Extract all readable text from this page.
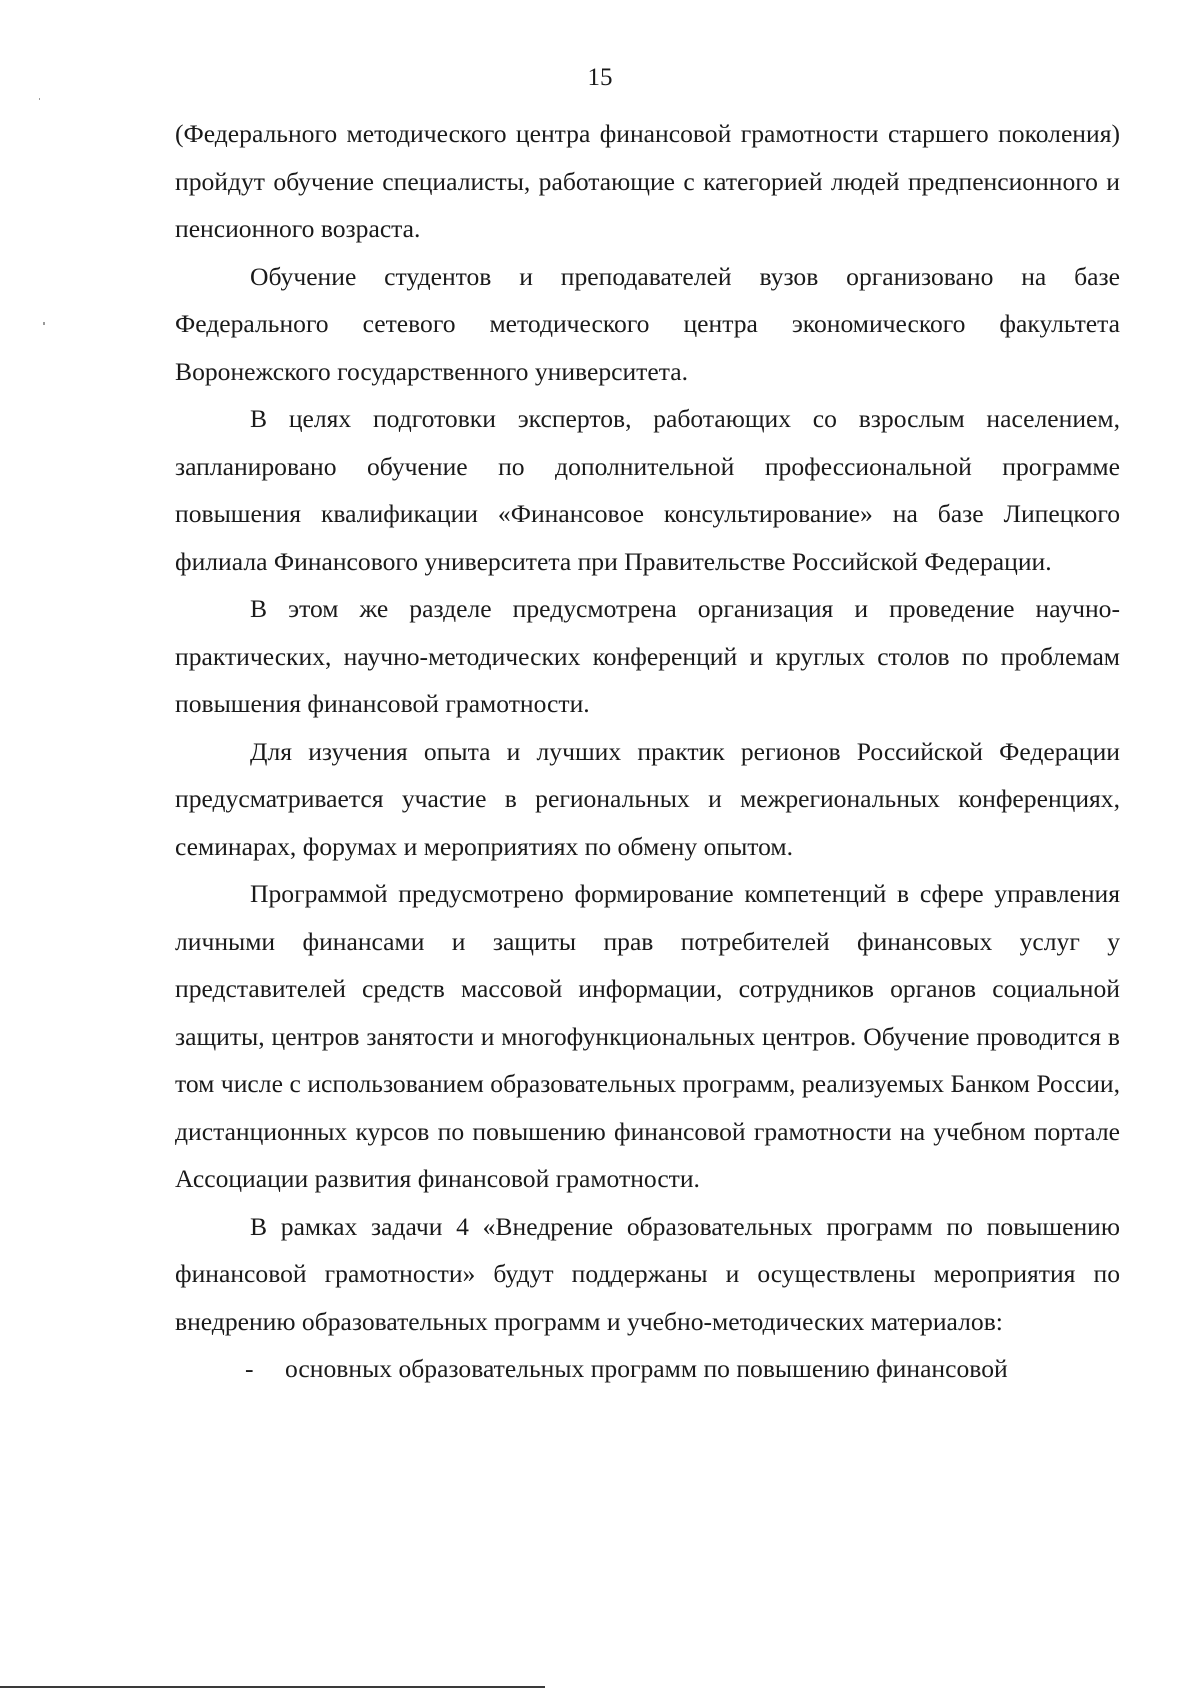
15

(Федерального методического центра финансовой грамотности старшего поколения) пройдут обучение специалисты, работающие с категорией людей предпенсионного и пенсионного возраста.

Обучение студентов и преподавателей вузов организовано на базе Федерального сетевого методического центра экономического факультета Воронежского государственного университета.

В целях подготовки экспертов, работающих со взрослым населением, запланировано обучение по дополнительной профессиональной программе повышения квалификации «Финансовое консультирование» на базе Липецкого филиала Финансового университета при Правительстве Российской Федерации.

В этом же разделе предусмотрена организация и проведение научно-практических, научно-методических конференций и круглых столов по проблемам повышения финансовой грамотности.

Для изучения опыта и лучших практик регионов Российской Федерации предусматривается участие в региональных и межрегиональных конференциях, семинарах, форумах и мероприятиях по обмену опытом.

Программой предусмотрено формирование компетенций в сфере управления личными финансами и защиты прав потребителей финансовых услуг у представителей средств массовой информации, сотрудников органов социальной защиты, центров занятости и многофункциональных центров. Обучение проводится в том числе с использованием образовательных программ, реализуемых Банком России, дистанционных курсов по повышению финансовой грамотности на учебном портале Ассоциации развития финансовой грамотности.

В рамках задачи 4 «Внедрение образовательных программ по повышению финансовой грамотности» будут поддержаны и осуществлены мероприятия по внедрению образовательных программ и учебно-методических материалов:

- основных образовательных программ по повышению финансовой
